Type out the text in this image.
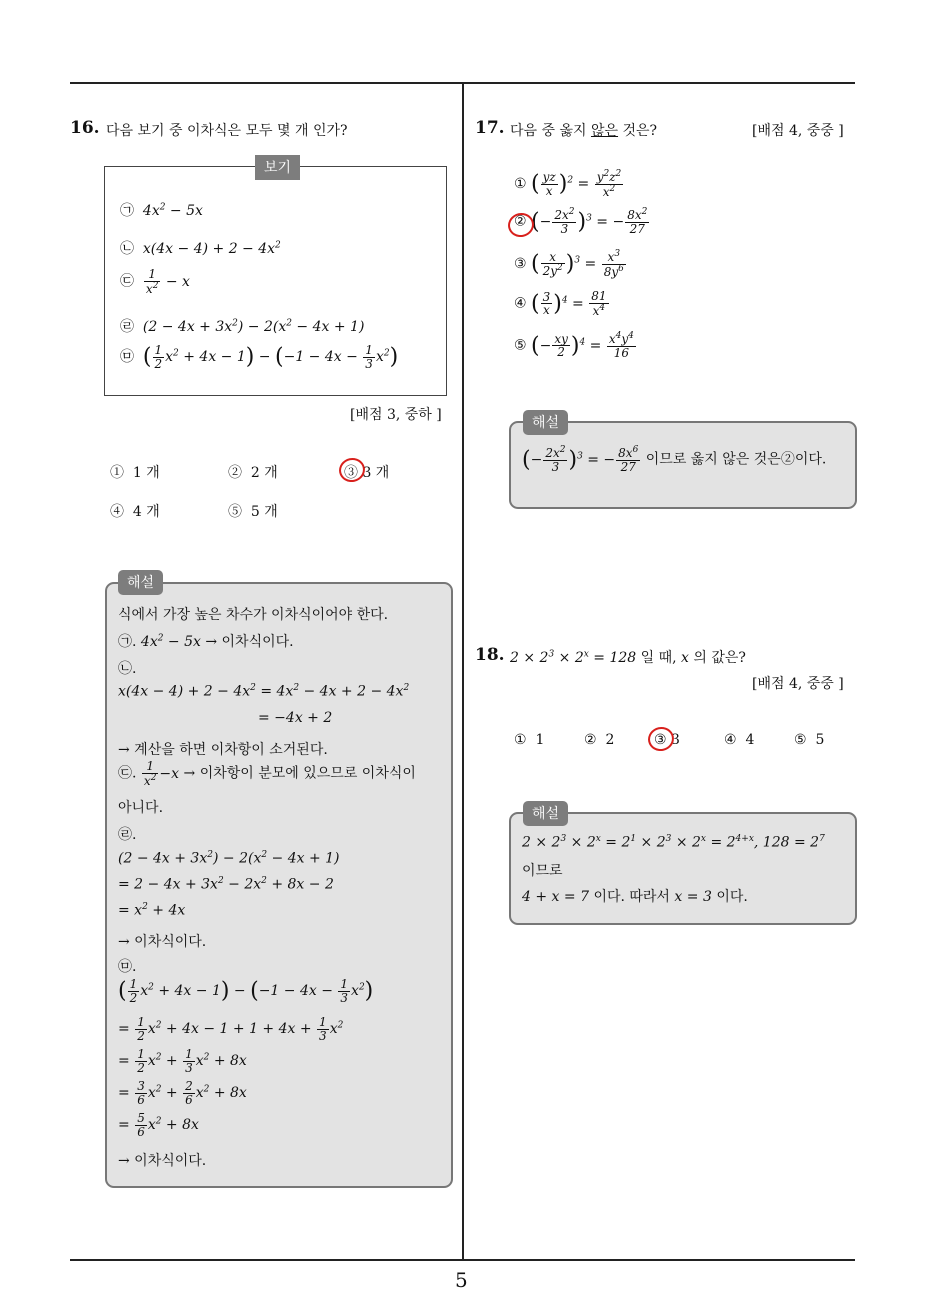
5
16. 다음 보기 중 이차식은 모두 몇 개 인가?
보기
㉠ $4x^2 - 5x$
㉡ $x(4x - 4) + 2 - 4x^2$
㉢ $\frac{1}{x^2} - x$
㉣ $(2 - 4x + 3x^2) - 2(x^2 - 4x + 1)$
㉤ ( $\frac{1}{2} x^2 + 4x - 1) - (-1 - 4x - \frac{1}{3} x^2)$
[배점 3, 중하 ]
① 1 개	② 2 개	③ 3 개
④ 4 개	⑤ 5 개
해설
식에서 가장 높은 차수가 이차식이어야 한다.
㉠. $4x^2 - 5x$ → 이차식이다.
㉡.
$x(4x - 4) + 2 - 4x^2 = 4x^2 - 4x + 2 - 4x^2$
= −4x + 2
→ 계산을 하면 이차항이 소거된다.
㉢. $\frac{1}{x^2} -x$ → 이차항이 분모에 있으므로 이차식이
아니다.
㉣.
$(2 - 4x + 3x^2) - 2(x^2 - 4x + 1)$
= $2 - 4x + 3x^2 - 2x^2 + 8x - 2$
= $x^2 + 4x$
→ 이차식이다.
㉤.
( $\frac{1}{2} x^2 + 4x - 1) - (-1 - 4x - \frac{1}{3} x^2)$
= $\frac{1}{2} x^2 + 4x - 1 + 1 + 4x + \frac{1}{3} x^2$
= $\frac{1}{2} x^2 + \frac{1}{3} x^2 + 8x$
= $\frac{3}{6} x^2 + \frac{2}{6} x^2 + 8x$
= $\frac{5}{6} x^2 + 8x$
→ 이차식이다.
17. 다음 중 옳지 않은 것은?	[배점 4, 중중 ]
① ( $\frac{yz}{x} )^2 = \frac{y^2z^2}{x^2}$
② (− $\frac{2x^2}{3} )^3$ = − $\frac{8x^2}{27}$
③ ( $\frac{x}{2y^2} )^3 = \frac{x^3}{8y^6}$
④ ( $\frac{3}{x} )^4 = \frac{81}{x^4}$
⑤ (− $\frac{xy}{2} )^4 = \frac{x^4y^4}{16}$
해설
(− $\frac{2x^2}{3} )^3$ = − $\frac{8x^6}{27}$ 이므로 옳지 않은 것은②이다.
18. $2 \times 2^3 \times 2^x = 128$ 일 때, x 의 값은?
[배점 4, 중중 ]
① 1	② 2	③ 3	④ 4	⑤ 5
해설
$2 \times 2^3 \times 2^x = 2^1 \times 2^3 \times 2^x = 2^{4+x}$, $128 = 2^7$
이므로
4 + x = 7 이다. 따라서 x = 3 이다.
